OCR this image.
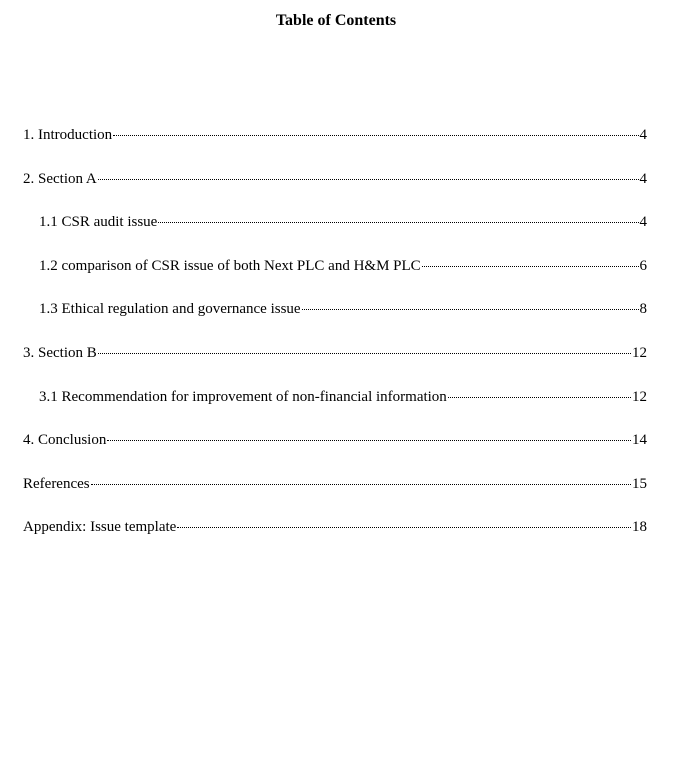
Table of Contents
1. Introduction	4
2. Section A	4
1.1 CSR audit issue	4
1.2 comparison of CSR issue of both Next PLC and H&M PLC	6
1.3 Ethical regulation and governance issue	8
3. Section B	12
3.1 Recommendation for improvement of non-financial information	12
4. Conclusion	14
References	15
Appendix: Issue template	18
